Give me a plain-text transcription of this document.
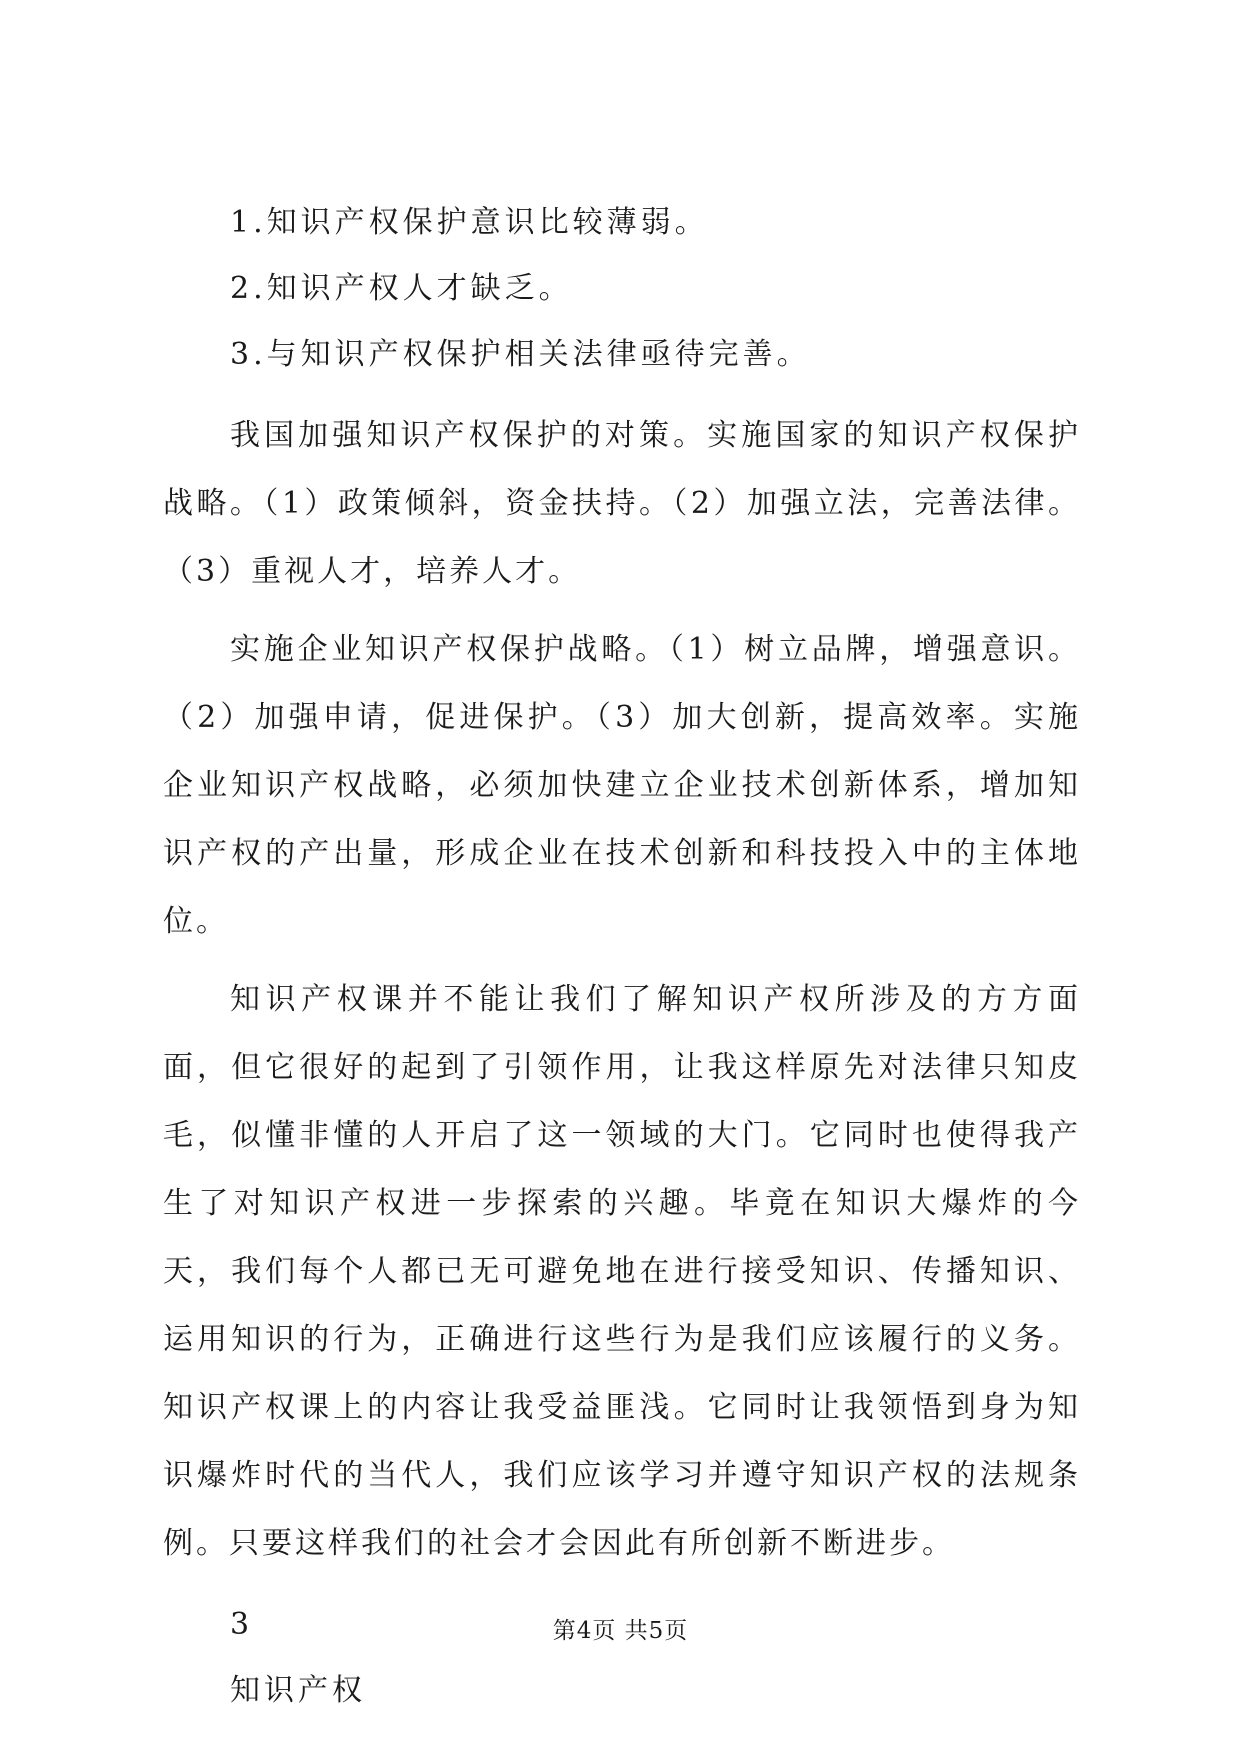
1.知识产权保护意识比较薄弱。

2.知识产权人才缺乏。

3.与知识产权保护相关法律亟待完善。

我国加强知识产权保护的对策。实施国家的知识产权保护战略。（1）政策倾斜，资金扶持。（2）加强立法，完善法律。（3）重视人才，培养人才。

实施企业知识产权保护战略。（1）树立品牌，增强意识。（2）加强申请，促进保护。（3）加大创新，提高效率。实施企业知识产权战略，必须加快建立企业技术创新体系，增加知识产权的产出量，形成企业在技术创新和科技投入中的主体地位。

知识产权课并不能让我们了解知识产权所涉及的方方面面，但它很好的起到了引领作用，让我这样原先对法律只知皮毛，似懂非懂的人开启了这一领域的大门。它同时也使得我产生了对知识产权进一步探索的兴趣。毕竟在知识大爆炸的今天，我们每个人都已无可避免地在进行接受知识、传播知识、运用知识的行为，正确进行这些行为是我们应该履行的义务。知识产权课上的内容让我受益匪浅。它同时让我领悟到身为知识爆炸时代的当代人，我们应该学习并遵守知识产权的法规条例。只要这样我们的社会才会因此有所创新不断进步。

3

知识产权

第4页 共5页
